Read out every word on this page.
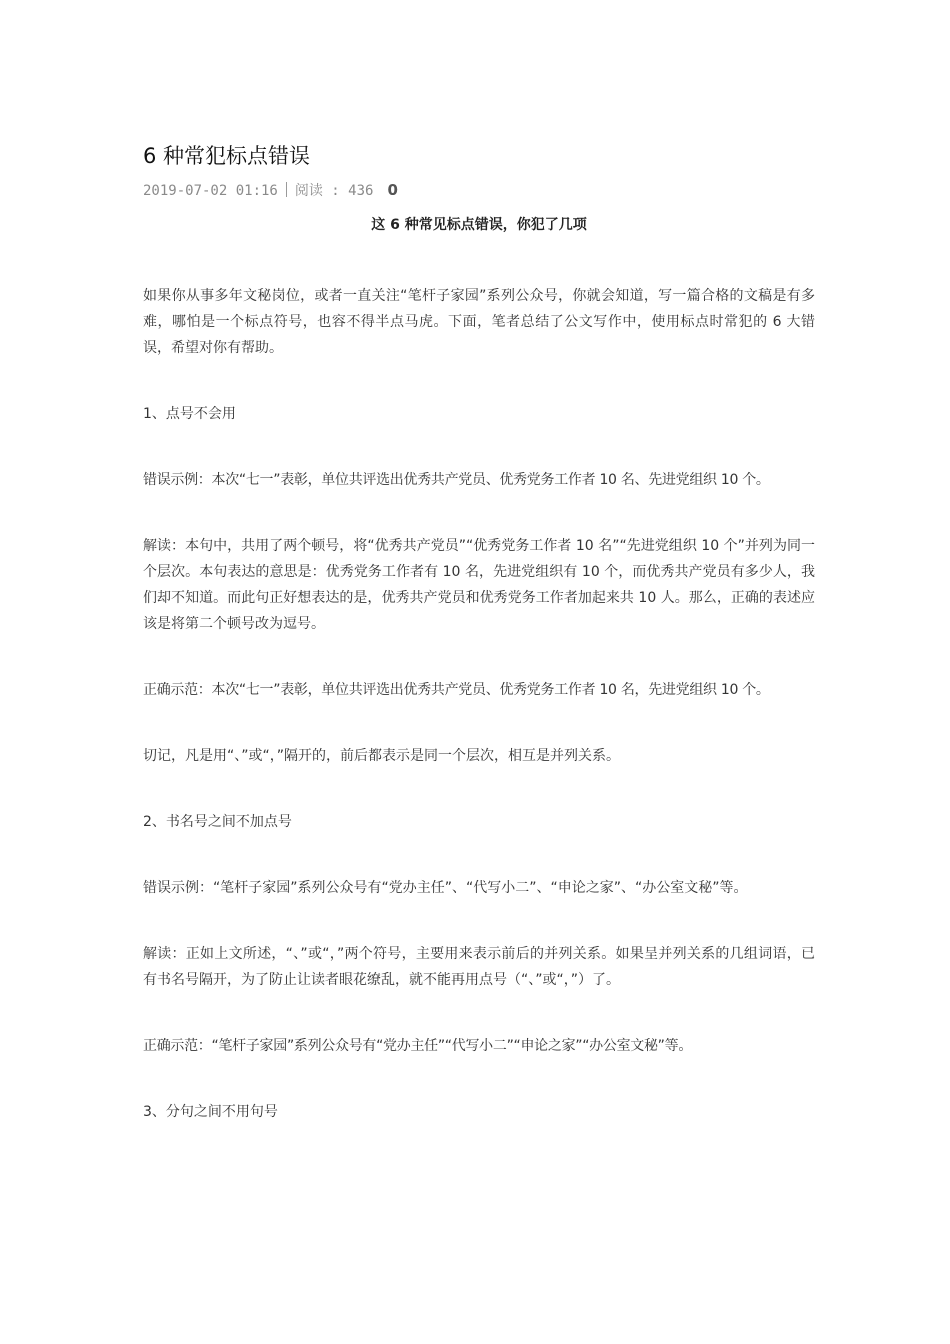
6 种常犯标点错误
2019-07-02 01:16 阅读 : 436 0
这 6 种常见标点错误，你犯了几项

如果你从事多年文秘岗位，或者一直关注“笔杆子家园”系列公众号，你就会知道，写一篇合格的文稿是有多难，哪怕是一个标点符号，也容不得半点马虎。下面，笔者总结了公文写作中，使用标点时常犯的 6 大错误，希望对你有帮助。

1、点号不会用

错误示例：本次“七一”表彰，单位共评选出优秀共产党员、优秀党务工作者 10 名、先进党组织 10 个。

解读：本句中，共用了两个顿号，将“优秀共产党员”“优秀党务工作者 10 名”“先进党组织 10 个”并列为同一个层次。本句表达的意思是：优秀党务工作者有 10 名，先进党组织有 10 个，而优秀共产党员有多少人，我们却不知道。而此句正好想表达的是，优秀共产党员和优秀党务工作者加起来共 10 人。那么，正确的表述应该是将第二个顿号改为逗号。

正确示范：本次“七一”表彰，单位共评选出优秀共产党员、优秀党务工作者 10 名，先进党组织 10 个。

切记，凡是用“、”或“，”隔开的，前后都表示是同一个层次，相互是并列关系。

2、书名号之间不加点号

错误示例：“笔杆子家园”系列公众号有“党办主任”、“代写小二”、“申论之家”、“办公室文秘”等。

解读：正如上文所述，“、”或“，”两个符号，主要用来表示前后的并列关系。如果呈并列关系的几组词语，已有书名号隔开，为了防止让读者眼花缭乱，就不能再用点号（“、”或“，”）了。

正确示范：“笔杆子家园”系列公众号有“党办主任”“代写小二”“申论之家”“办公室文秘”等。

3、分句之间不用句号
